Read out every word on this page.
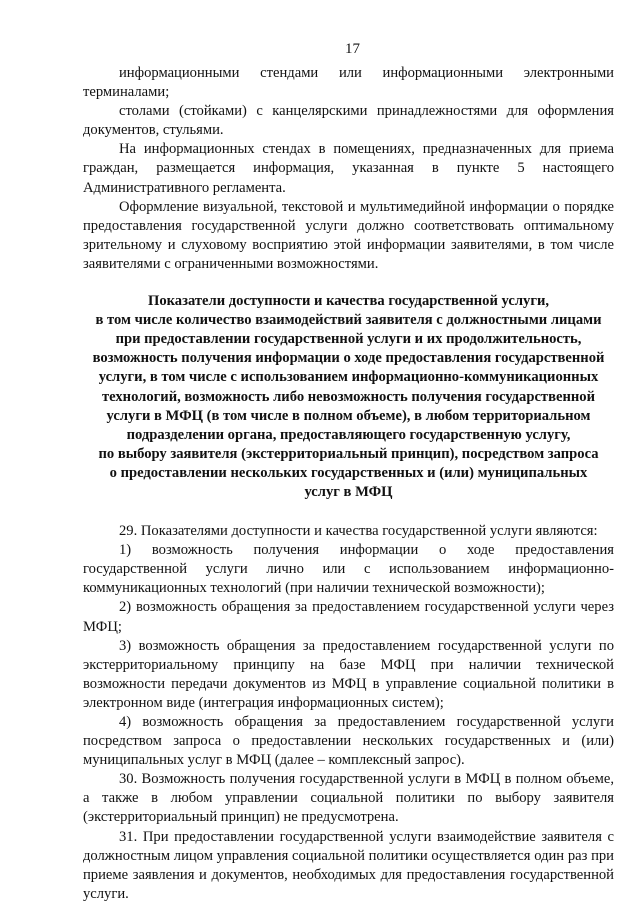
17

информационными стендами или информационными электронными терминалами;

столами (стойками) с канцелярскими принадлежностями для оформления документов, стульями.

На информационных стендах в помещениях, предназначенных для приема граждан, размещается информация, указанная в пункте 5 настоящего Административного регламента.

Оформление визуальной, текстовой и мультимедийной информации о порядке предоставления государственной услуги должно соответствовать оптимальному зрительному и слуховому восприятию этой информации заявителями, в том числе заявителями с ограниченными возможностями.

Показатели доступности и качества государственной услуги,
в том числе количество взаимодействий заявителя с должностными лицами
при предоставлении государственной услуги и их продолжительность,
возможность получения информации о ходе предоставления государственной
услуги, в том числе с использованием информационно-коммуникационных
технологий, возможность либо невозможность получения государственной
услуги в МФЦ (в том числе в полном объеме), в любом территориальном
подразделении органа, предоставляющего государственную услугу,
по выбору заявителя (экстерриториальный принцип), посредством запроса
о предоставлении нескольких государственных и (или) муниципальных
услуг в МФЦ

29. Показателями доступности и качества государственной услуги являются:

1) возможность получения информации о ходе предоставления государственной услуги лично или с использованием информационно-коммуникационных технологий (при наличии технической возможности);

2) возможность обращения за предоставлением государственной услуги через МФЦ;

3) возможность обращения за предоставлением государственной услуги по экстерриториальному принципу на базе МФЦ при наличии технической возможности передачи документов из МФЦ в управление социальной политики в электронном виде (интеграция информационных систем);

4) возможность обращения за предоставлением государственной услуги посредством запроса о предоставлении нескольких государственных и (или) муниципальных услуг в МФЦ (далее – комплексный запрос).

30. Возможность получения государственной услуги в МФЦ в полном объеме, а также в любом управлении социальной политики по выбору заявителя (экстерриториальный принцип) не предусмотрена.

31. При предоставлении государственной услуги взаимодействие заявителя с должностным лицом управления социальной политики осуществляется один раз при приеме заявления и документов, необходимых для предоставления государственной услуги.
